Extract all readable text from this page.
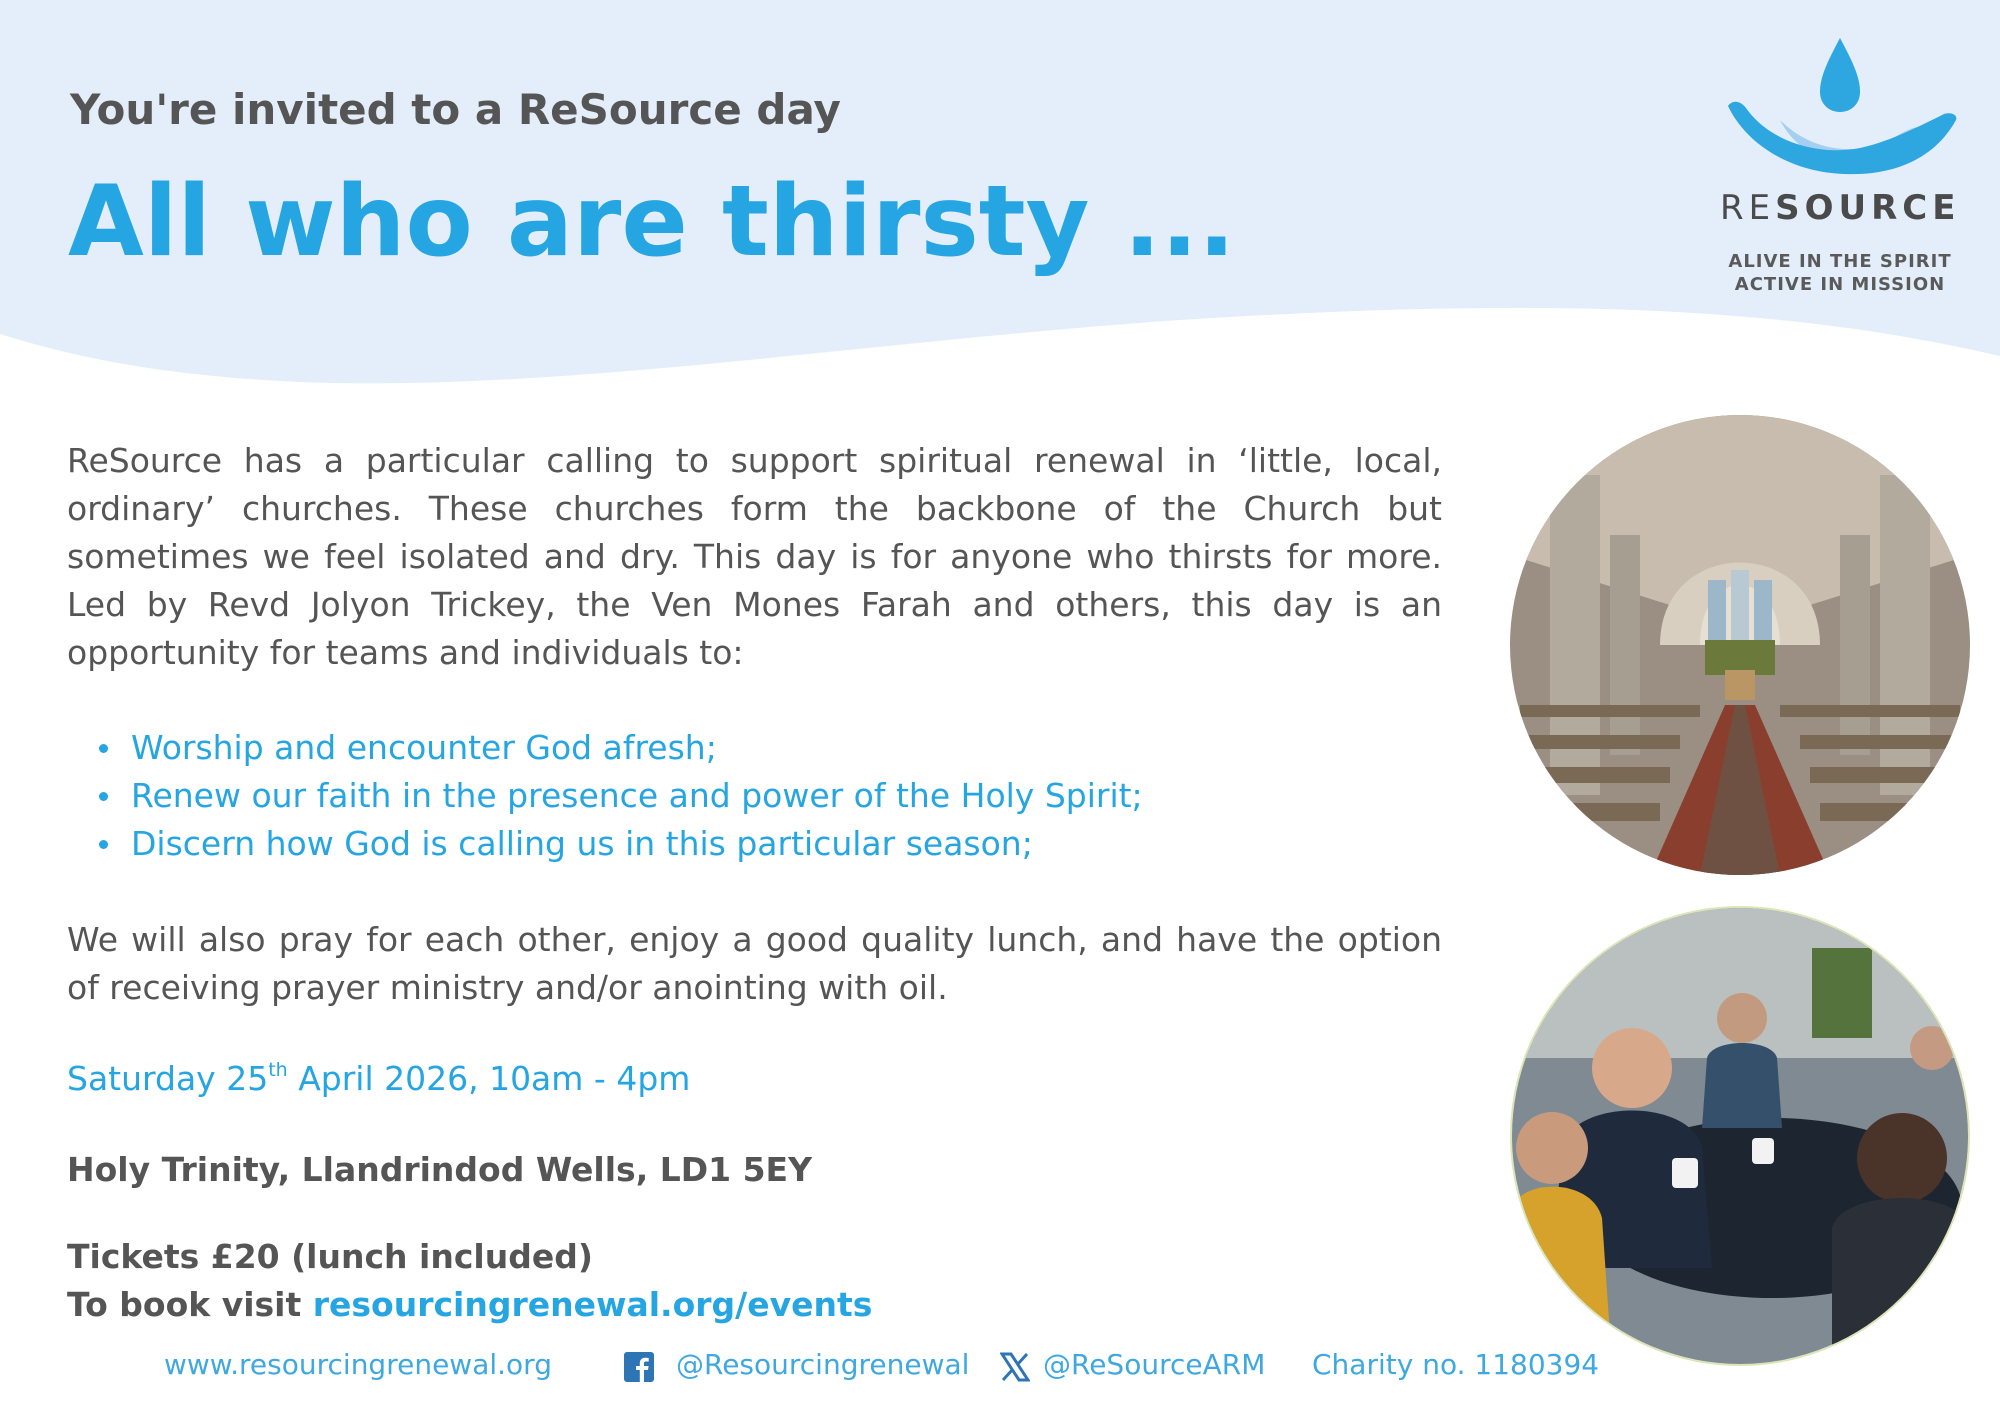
You're invited to a ReSource day
All who are thirsty ...	RESOURCE
ALIVE IN THE SPIRIT
ACTIVE IN MISSION
ReSource has a particular calling to support spiritual renewal in ‘little, local, ordinary’ churches. These churches form the backbone of the Church but sometimes we feel isolated and dry. This day is for anyone who thirsts for more. Led by Revd Jolyon Trickey, the Ven Mones Farah and others, this day is an opportunity for teams and individuals to:
Worship and encounter God afresh;
Renew our faith in the presence and power of the Holy Spirit;
Discern how God is calling us in this particular season;
We will also pray for each other, enjoy a good quality lunch, and have the option of receiving prayer ministry and/or anointing with oil.
Saturday 25th April 2026, 10am - 4pm
Holy Trinity, Llandrindod Wells, LD1 5EY
Tickets £20 (lunch included)
To book visit resourcingrenewal.org/events
www.resourcingrenewal.org	@Resourcingrenewal	@ReSourceARM Charity no. 1180394
